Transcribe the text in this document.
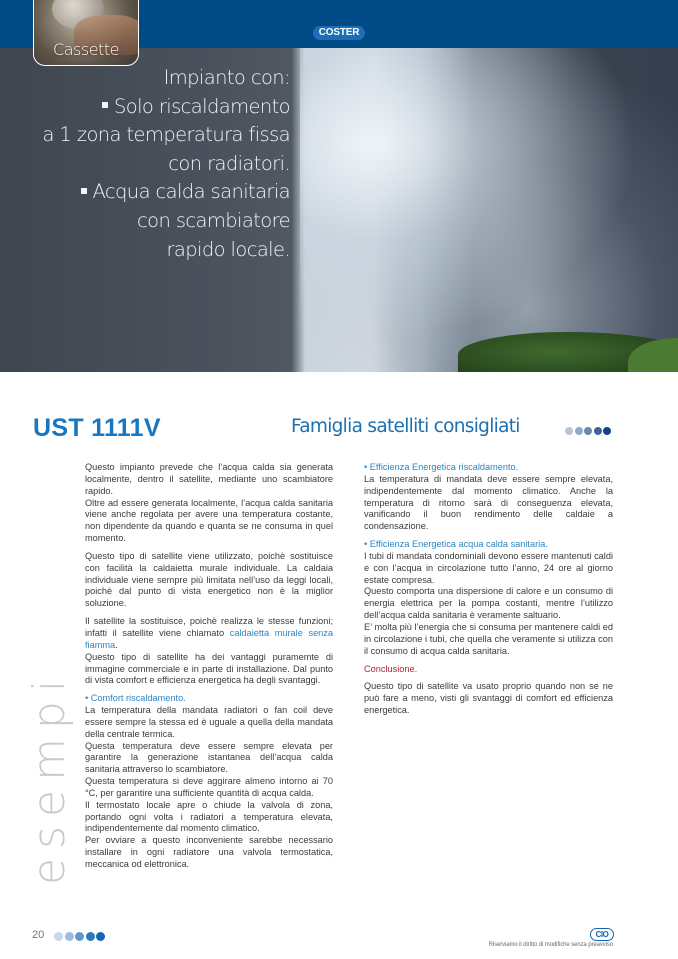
Cassette
COSTER
Impianto con:
Solo riscaldamento
a 1 zona temperatura fissa
con radiatori.
Acqua calda sanitaria
con scambiatore
rapido locale.
UST 1111V	Famiglia satelliti consigliati

Questo impianto prevede che l’acqua calda sia generata localmente, dentro il satellite, mediante uno scambiatore rapido.

Oltre ad essere generata localmente, l’acqua calda sanitaria viene anche regolata per avere una temperatura costante, non dipendente da quando e quanta se ne consuma in quel momento.

Questo tipo di satellite viene utilizzato, poichè sostituisce con facilità la caldaietta murale individuale. La caldaia individuale viene sempre più limitata nell’uso da leggi locali, poichè dal punto di vista energetico non è la miglior soluzione.

Il satellite la sostituisce, poichè realizza le stesse funzioni; infatti il satellite viene chiamato caldaietta murale senza fiamma.

Questo tipo di satellite ha dei vantaggi puramemte di immagine commerciale e in parte di installazione. Dal punto di vista comfort e efficienza energetica ha degli svantaggi.

• Comfort riscaldamento.

La temperatura della mandata radiatori o fan coil deve essere sempre la stessa ed è uguale a quella della mandata della centrale termica.

Questa temperatura deve essere sempre elevata per garantire la generazione istantanea dell’acqua calda sanitaria attraverso lo scambiatore.

Questa temperatura si deve aggirare almeno intorno ai 70 °C, per garantire una sufficiente quantità di acqua calda.

Il termostato locale apre o chiude la valvola di zona, portando ogni volta i radiatori a temperatura elevata, indipendentemente dal momento climatico.

Per ovviare a questo inconveniente sarebbe necessario installare in ogni radiatore una valvola termostatica, meccanica od elettronica.

• Efficienza Energetica riscaldamento.

La temperatura di mandata deve essere sempre elevata, indipendentemente dal momento climatico. Anche la temperatura di ritorno sarà di conseguenza elevata, vanificando il buon rendimento delle caldaie a condensazione.

• Efficienza Energetica acqua calda sanitaria.

I tubi di mandata condominiali devono essere mantenuti caldi e con l’acqua in circolazione tutto l’anno, 24 ore al giorno estate compresa.

Questo comporta una dispersione di calore e un consumo di energia elettrica per la pompa costanti, mentre l’utilizzo dell’acqua calda sanitaria è veramente saltuario.

E’ molta più l’energia che si consuma per mantenere caldi ed in circolazione i tubi, che quella che veramente si utilizza con il consumo di acqua calda sanitaria.

Conclusione.

Questo tipo di satellite va usato proprio quando non se ne può fare a meno, visti gli svantaggi di comfort ed efficienza energetica.

esempi
20	CIO
Riserviamo il diritto di modifiche senza preavviso
